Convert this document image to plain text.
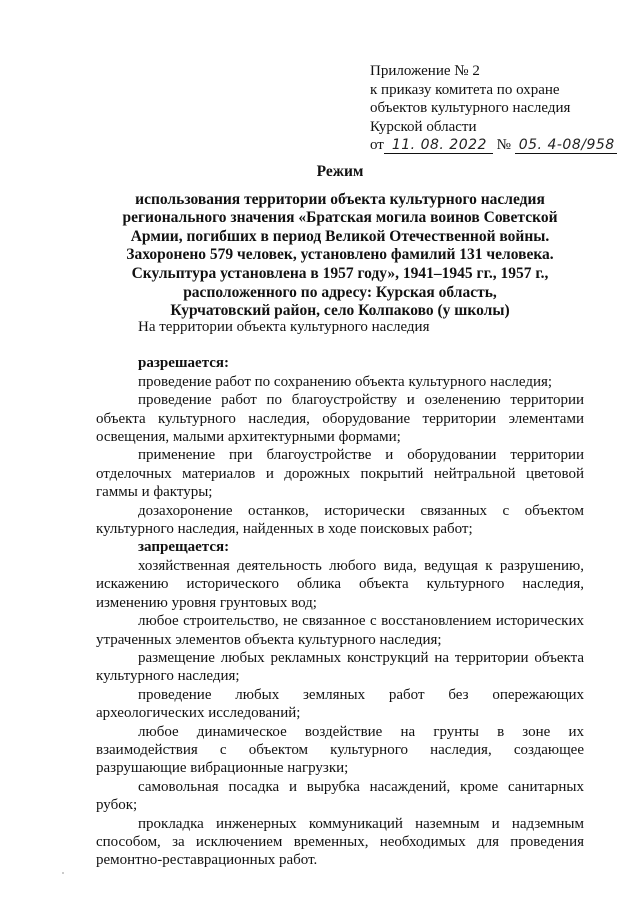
Приложение № 2
к приказу комитета по охране
объектов культурного наследия
Курской области
от 11. 08. 2022 № 05. 4-08/958
Режим
использования территории объекта культурного наследия
регионального значения «Братская могила воинов Советской
Армии, погибших в период Великой Отечественной войны.
Захоронено 579 человек, установлено фамилий 131 человека.
Скульптура установлена в 1957 году», 1941–1945 гг., 1957 г.,
расположенного по адресу: Курская область,
Курчатовский район, село Колпаково (у школы)
На территории объекта культурного наследия
разрешается:
проведение работ по сохранению объекта культурного наследия;
проведение работ по благоустройству и озеленению территории
объекта культурного наследия, оборудование территории элементами
освещения, малыми архитектурными формами;
применение при благоустройстве и оборудовании территории
отделочных материалов и дорожных покрытий нейтральной цветовой
гаммы и фактуры;
дозахоронение останков, исторически связанных с объектом
культурного наследия, найденных в ходе поисковых работ;
запрещается:
хозяйственная деятельность любого вида, ведущая к разрушению,
искажению исторического облика объекта культурного наследия,
изменению уровня грунтовых вод;
любое строительство, не связанное с восстановлением исторических
утраченных элементов объекта культурного наследия;
размещение любых рекламных конструкций на территории объекта
культурного наследия;
проведение любых земляных работ без опережающих
археологических исследований;
любое динамическое воздействие на грунты в зоне их
взаимодействия с объектом культурного наследия, создающее
разрушающие вибрационные нагрузки;
самовольная посадка и вырубка насаждений, кроме санитарных
рубок;
прокладка инженерных коммуникаций наземным и надземным
способом, за исключением временных, необходимых для проведения
ремонтно-реставрационных работ.
